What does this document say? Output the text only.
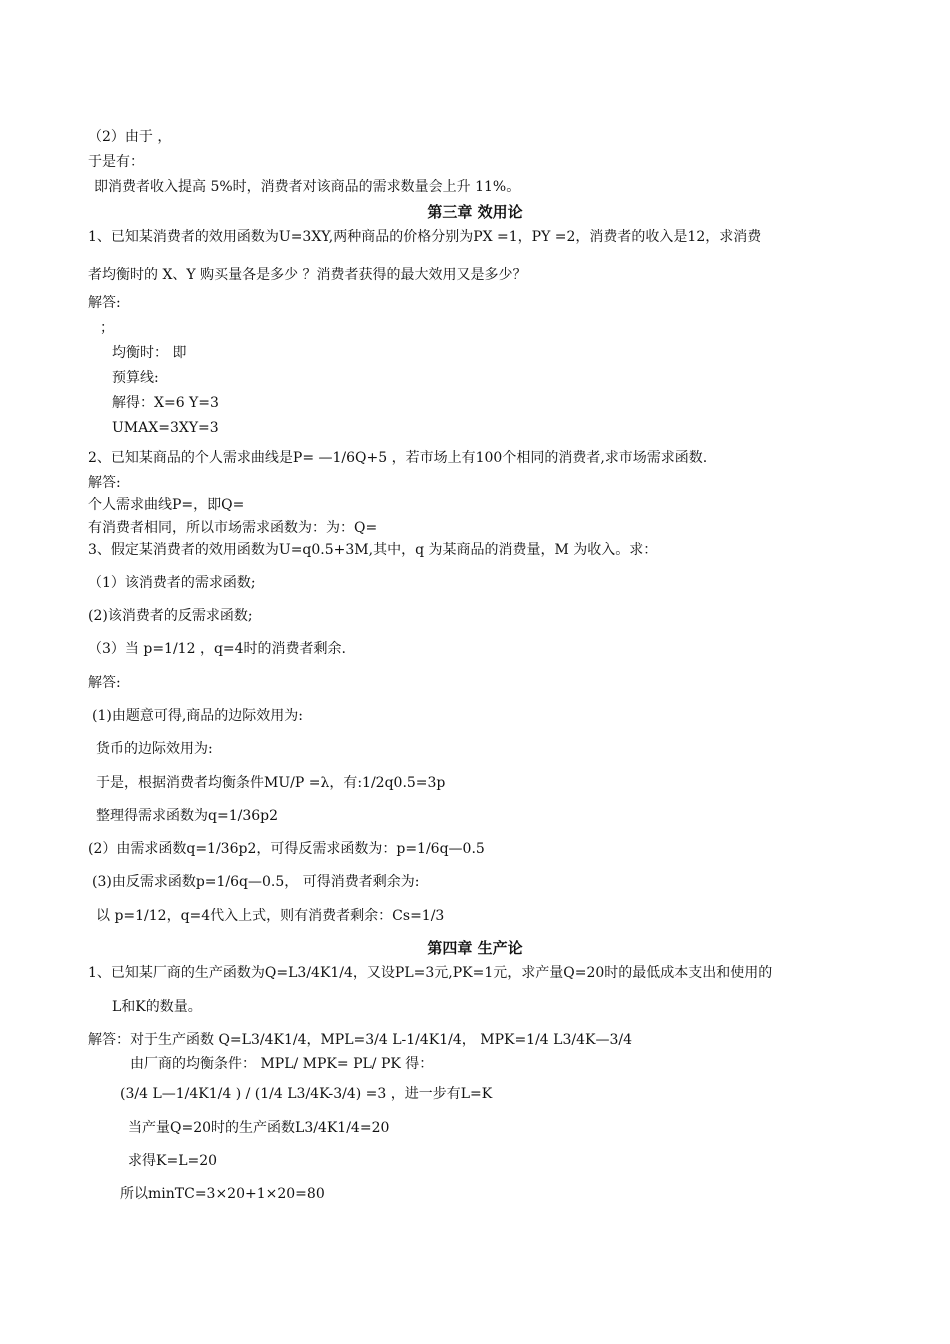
（2）由于 ，
于是有：
即消费者收入提高 5%时，消费者对该商品的需求数量会上升 11%。
第三章 效用论
1、已知某消费者的效用函数为U=3XY,两种商品的价格分别为PX =1，PY =2，消费者的收入是12，求消费
者均衡时的 X、Y 购买量各是多少 ？消费者获得的最大效用又是多少？
解答:
；
均衡时： 即
预算线:
解得：X=6 Y=3
UMAX=3XY=3
2、已知某商品的个人需求曲线是P= —1/6Q+5 ，若市场上有100个相同的消费者,求市场需求函数.
解答:
个人需求曲线P=，即Q=
有消费者相同，所以市场需求函数为：为：Q=
3、假定某消费者的效用函数为U=q0.5+3M,其中，q 为某商品的消费量，M 为收入。求：
（1）该消费者的需求函数;
(2)该消费者的反需求函数;
（3）当 p=1/12 ，q=4时的消费者剩余.
解答:
(1)由题意可得,商品的边际效用为:
货币的边际效用为:
于是，根据消费者均衡条件MU/P =λ，有:1/2q0.5=3p
整理得需求函数为q=1/36p2
(2）由需求函数q=1/36p2，可得反需求函数为：p=1/6q—0.5
(3)由反需求函数p=1/6q—0.5， 可得消费者剩余为:
以 p=1/12，q=4代入上式，则有消费者剩余：Cs=1/3
第四章 生产论
1、已知某厂商的生产函数为Q=L3/4K1/4，又设PL=3元,PK=1元，求产量Q=20时的最低成本支出和使用的
L和K的数量。
解答：对于生产函数 Q=L3/4K1/4，MPL=3/4 L-1/4K1/4， MPK=1/4 L3/4K—3/4
由厂商的均衡条件： MPL/ MPK= PL/ PK 得：
(3/4 L—1/4K1/4 ) / (1/4 L3/4K-3/4) =3 ，进一步有L=K
当产量Q=20时的生产函数L3/4K1/4=20
求得K=L=20
所以minTC=3×20+1×20=80
